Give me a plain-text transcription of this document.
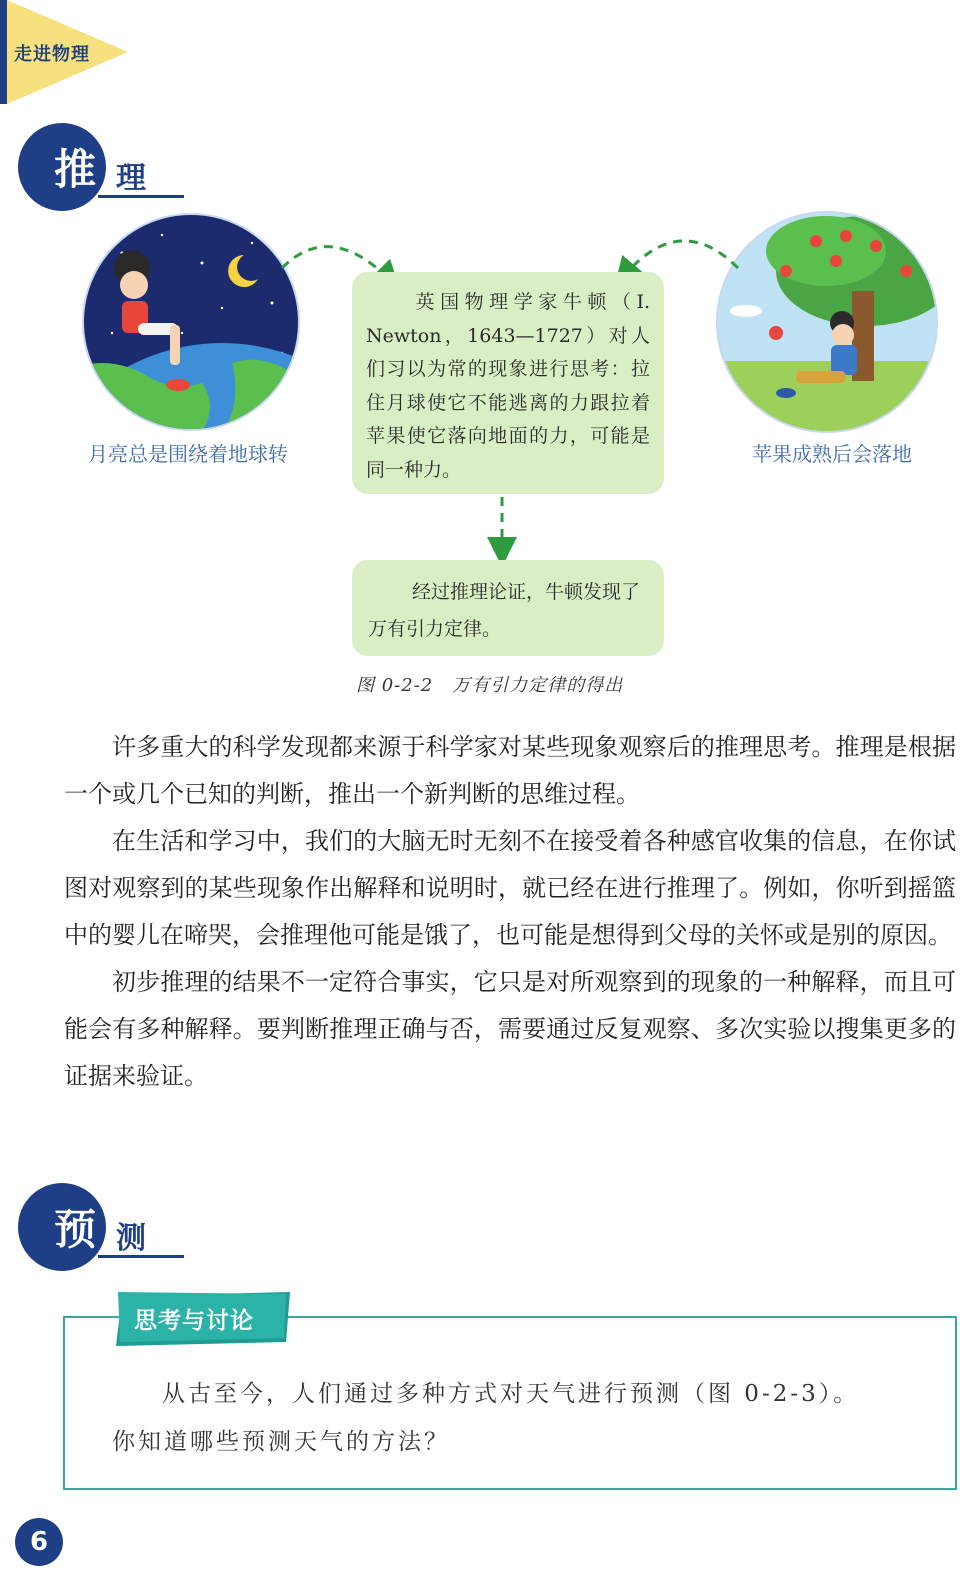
走进物理
推 理
月亮总是围绕着地球转	苹果成熟后会落地
英国物理学家牛顿（I. Newton，1643—1727）对人们习以为常的现象进行思考：拉住月球使它不能逃离的力跟拉着苹果使它落向地面的力，可能是同一种力。
经过推理论证，牛顿发现了万有引力定律。
图 0-2-2　万有引力定律的得出

许多重大的科学发现都来源于科学家对某些现象观察后的推理思考。推理是根据一个或几个已知的判断，推出一个新判断的思维过程。

在生活和学习中，我们的大脑无时无刻不在接受着各种感官收集的信息，在你试图对观察到的某些现象作出解释和说明时，就已经在进行推理了。例如，你听到摇篮中的婴儿在啼哭，会推理他可能是饿了，也可能是想得到父母的关怀或是别的原因。

初步推理的结果不一定符合事实，它只是对所观察到的现象的一种解释，而且可能会有多种解释。要判断推理正确与否，需要通过反复观察、多次实验以搜集更多的证据来验证。

预 测
思考与讨论

从古至今，人们通过多种方式对天气进行预测（图 0-2-3）。

你知道哪些预测天气的方法？

6
